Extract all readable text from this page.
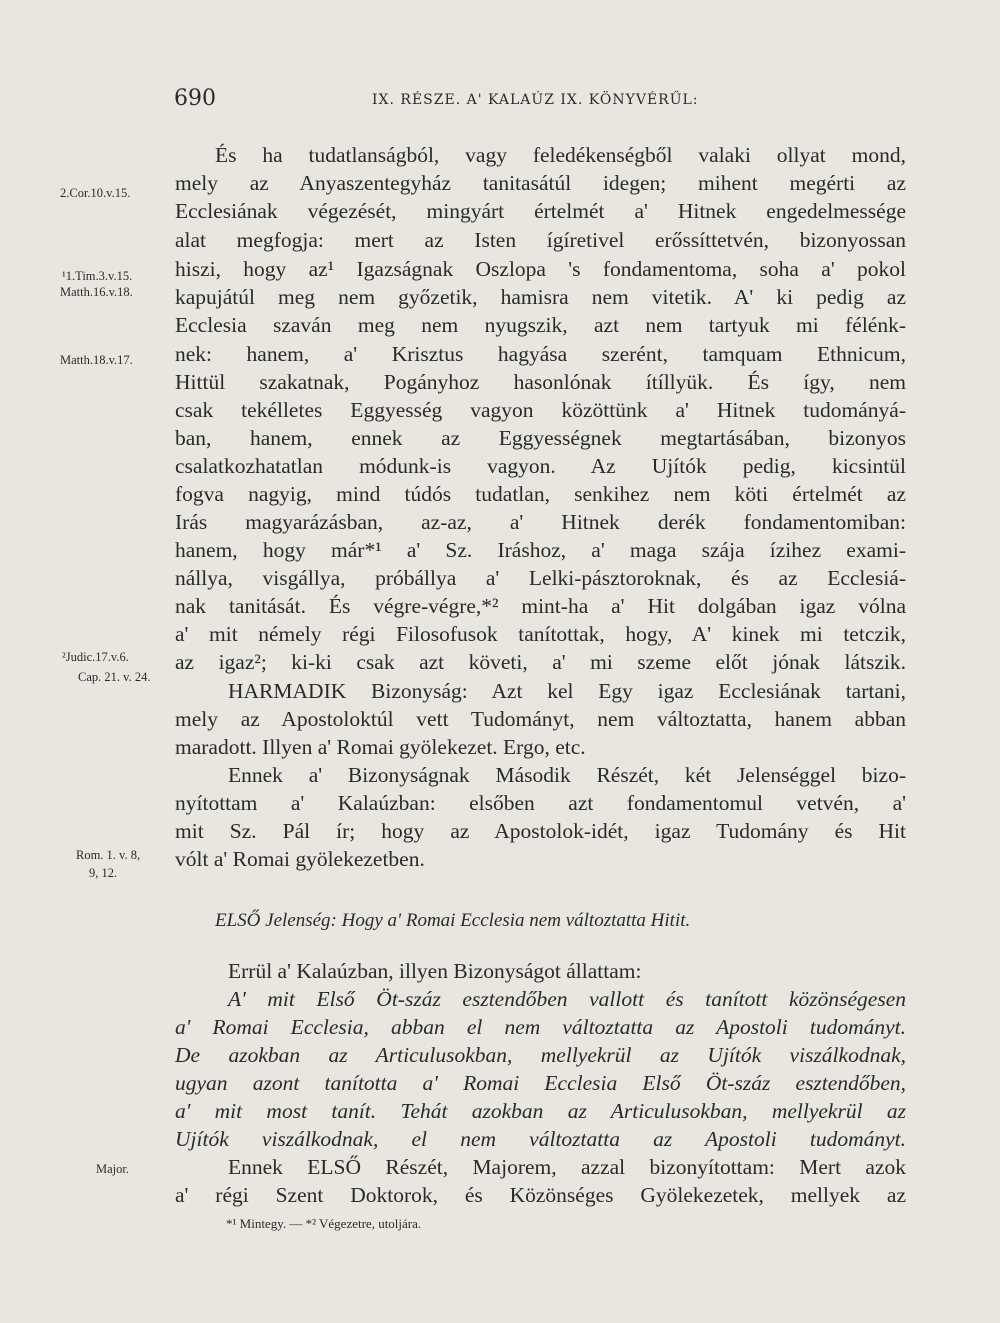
690	IX. RÉSZE. A' KALAÚZ IX. KÖNYVÉRŰL:
2.Cor.10.v.15.
¹1.Tim.3.v.15.
Matth.16.v.18.
Matth.18.v.17.
²Judic.17.v.6.
Cap. 21. v. 24.
Rom. 1. v. 8,
9, 12.
Major.
És ha tudatlanságból, vagy feledékenségből valaki ollyat mond,
mely az Anyaszentegyház tanitasátúl idegen; mihent megérti az
Ecclesiának végezését, mingyárt értelmét a' Hitnek engedelmessége
alat megfogja: mert az Isten ígíretivel erőssíttetvén, bizonyossan
hiszi, hogy az¹ Igazságnak Oszlopa 's fondamentoma, soha a' pokol
kapujátúl meg nem győzetik, hamisra nem vitetik. A' ki pedig az
Ecclesia szaván meg nem nyugszik, azt nem tartyuk mi félénk-
nek: hanem, a' Krisztus hagyása szerént, tamquam Ethnicum,
Hittül szakatnak, Pogányhoz hasonlónak ítíllyük. És így, nem
csak tekélletes Eggyesség vagyon közöttünk a' Hitnek tudományá-
ban, hanem, ennek az Eggyességnek megtartásában, bizonyos
csalatkozhatatlan módunk-is vagyon. Az Ujítók pedig, kicsintül
fogva nagyig, mind túdós tudatlan, senkihez nem köti értelmét az
Irás magyarázásban, az-az, a' Hitnek derék fondamentomiban:
hanem, hogy már*¹ a' Sz. Iráshoz, a' maga szája ízihez exami-
nállya, visgállya, próbállya a' Lelki-pásztoroknak, és az Ecclesiá-
nak tanitását. És végre-végre,*² mint-ha a' Hit dolgában igaz vólna
a' mit némely régi Filosofusok tanítottak, hogy, A' kinek mi tetczik,
az igaz²; ki-ki csak azt követi, a' mi szeme előt jónak látszik.
HARMADIK Bizonyság: Azt kel Egy igaz Ecclesiának tartani,
mely az Apostoloktúl vett Tudományt, nem változtatta, hanem abban
maradott. Illyen a' Romai gyölekezet. Ergo, etc.
Ennek a' Bizonyságnak Második Részét, két Jelenséggel bizo-
nyítottam a' Kalaúzban: elsőben azt fondamentomul vetvén, a'
mit Sz. Pál ír; hogy az Apostolok-idét, igaz Tudomány és Hit
vólt a' Romai gyölekezetben.
ELSŐ Jelenség: Hogy a' Romai Ecclesia nem változtatta Hitit.
Errül a' Kalaúzban, illyen Bizonyságot állattam:
A' mit Első Öt-száz esztendőben vallott és tanított közönségesen
a' Romai Ecclesia, abban el nem változtatta az Apostoli tudományt.
De azokban az Articulusokban, mellyekrül az Ujítók viszálkodnak,
ugyan azont tanította a' Romai Ecclesia Első Öt-száz esztendőben,
a' mit most tanít. Tehát azokban az Articulusokban, mellyekrül az
Ujítók viszálkodnak, el nem változtatta az Apostoli tudományt.
Ennek ELSŐ Részét, Majorem, azzal bizonyítottam: Mert azok
a' régi Szent Doktorok, és Közönséges Gyölekezetek, mellyek az
*¹ Mintegy. — *² Végezetre, utoljára.
